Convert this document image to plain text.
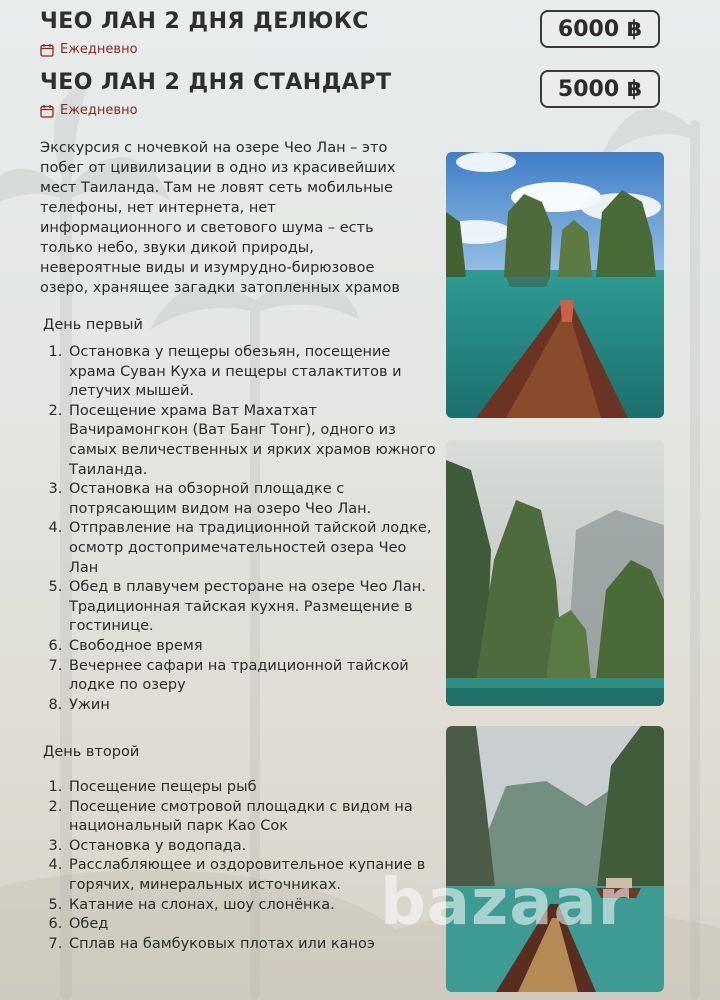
ЧЕО ЛАН 2 ДНЯ ДЕЛЮКС
Ежедневно
6000 ฿
ЧЕО ЛАН 2 ДНЯ СТАНДАРТ
Ежедневно
5000 ฿
Экскурсия с ночевкой на озере Чео Лан – это побег от цивилизации в одно из красивейших мест Таиланда. Там не ловят сеть мобильные телефоны, нет интернета, нет информационного и светового шума – есть только небо, звуки дикой природы, невероятные виды и изумрудно-бирюзовое озеро, хранящее загадки затопленных храмов
День первый
1. Остановка у пещеры обезьян, посещение храма Суван Куха и пещеры сталактитов и летучих мышей.
2. Посещение храма Ват Махатхат Вачирамонгкон (Ват Банг Тонг), одного из самых величественных и ярких храмов южного Таиланда.
3. Остановка на обзорной площадке с потрясающим видом на озеро Чео Лан.
4. Отправление на традиционной тайской лодке, осмотр достопримечательностей озера Чео Лан
5. Обед в плавучем ресторане на озере Чео Лан. Традиционная тайская кухня. Размещение в гостинице.
6. Свободное время
7. Вечернее сафари на традиционной тайской лодке по озеру
8. Ужин
День второй
1. Посещение пещеры рыб
2. Посещение смотровой площадки с видом на национальный парк Као Сок
3. Остановка у водопада.
4. Расслабляющее и оздоровительное купание в горячих, минеральных источниках.
5. Катание на слонах, шоу слонёнка.
6. Обед
7. Сплав на бамбуковых плотах или каноэ
bazaar
